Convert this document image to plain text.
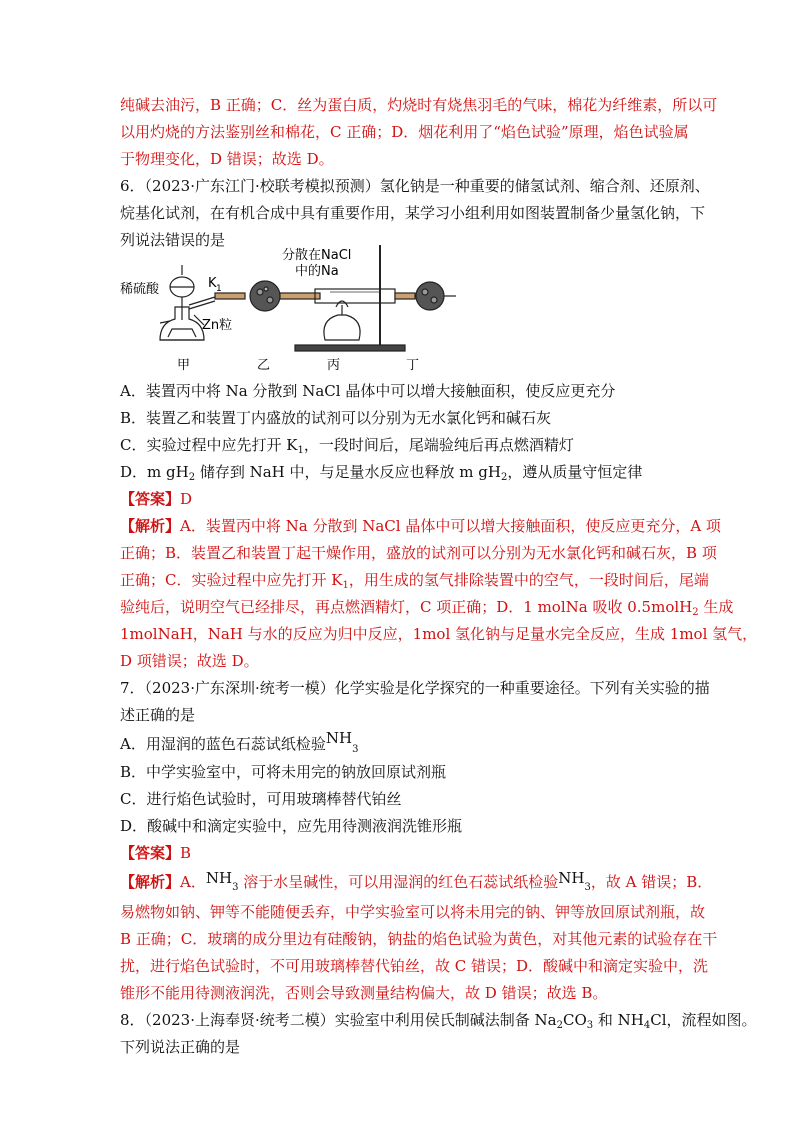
纯碱去油污，B 正确；C．丝为蛋白质，灼烧时有烧焦羽毛的气味，棉花为纤维素，所以可
以用灼烧的方法鉴别丝和棉花，C 正确；D．烟花利用了“焰色试验”原理，焰色试验属
于物理变化，D 错误；故选 D。
6．（2023·广东江门·校联考模拟预测）氢化钠是一种重要的储氢试剂、缩合剂、还原剂、
烷基化试剂，在有机合成中具有重要作用，某学习小组利用如图装置制备少量氢化钠，下
列说法错误的是
稀硫酸	K 1
Zn粒
分散在NaCl
中的Na
甲	乙	丙	丁
A．装置丙中将 Na 分散到 NaCl 晶体中可以增大接触面积，使反应更充分
B．装置乙和装置丁内盛放的试剂可以分别为无水氯化钙和碱石灰
C．实验过程中应先打开 $K_1$，一段时间后，尾端验纯后再点燃酒精灯
D．m $gH_2$ 储存到 NaH 中，与足量水反应也释放 m $gH_2$，遵从质量守恒定律
【答案】D
【解析】A．装置丙中将 Na 分散到 NaCl 晶体中可以增大接触面积，使反应更充分，A 项
正确；B．装置乙和装置丁起干燥作用，盛放的试剂可以分别为无水氯化钙和碱石灰，B 项
正确；C．实验过程中应先打开 $K_1$，用生成的氢气排除装置中的空气，一段时间后，尾端
验纯后，说明空气已经排尽，再点燃酒精灯，C 项正确；D．1 molNa 吸收 0.5molH$_2$ 生成
1molNaH，NaH 与水的反应为归中反应，1mol 氢化钠与足量水完全反应，生成 1mol 氢气，
D 项错误；故选 D。
7．（2023·广东深圳·统考一模）化学实验是化学探究的一种重要途径。下列有关实验的描
述正确的是
A．用湿润的蓝色石蕊试纸检验$NH_3$
B．中学实验室中，可将未用完的钠放回原试剂瓶
C．进行焰色试验时，可用玻璃棒替代铂丝
D．酸碱中和滴定实验中，应先用待测液润洗锥形瓶
【答案】B
【解析】A．$NH_3$ 溶于水呈碱性，可以用湿润的红色石蕊试纸检验$NH_3$，故 A 错误；B．
易燃物如钠、钾等不能随便丢弃，中学实验室可以将未用完的钠、钾等放回原试剂瓶，故
B 正确；C．玻璃的成分里边有硅酸钠，钠盐的焰色试验为黄色，对其他元素的试验存在干
扰，进行焰色试验时，不可用玻璃棒替代铂丝，故 C 错误；D．酸碱中和滴定实验中，洗
锥形不能用待测液润洗，否则会导致测量结构偏大，故 D 错误；故选 B。
8．（2023·上海奉贤·统考二模）实验室中利用侯氏制碱法制备 $Na_2CO_3$ 和 $NH_4Cl$，流程如图。
下列说法正确的是
